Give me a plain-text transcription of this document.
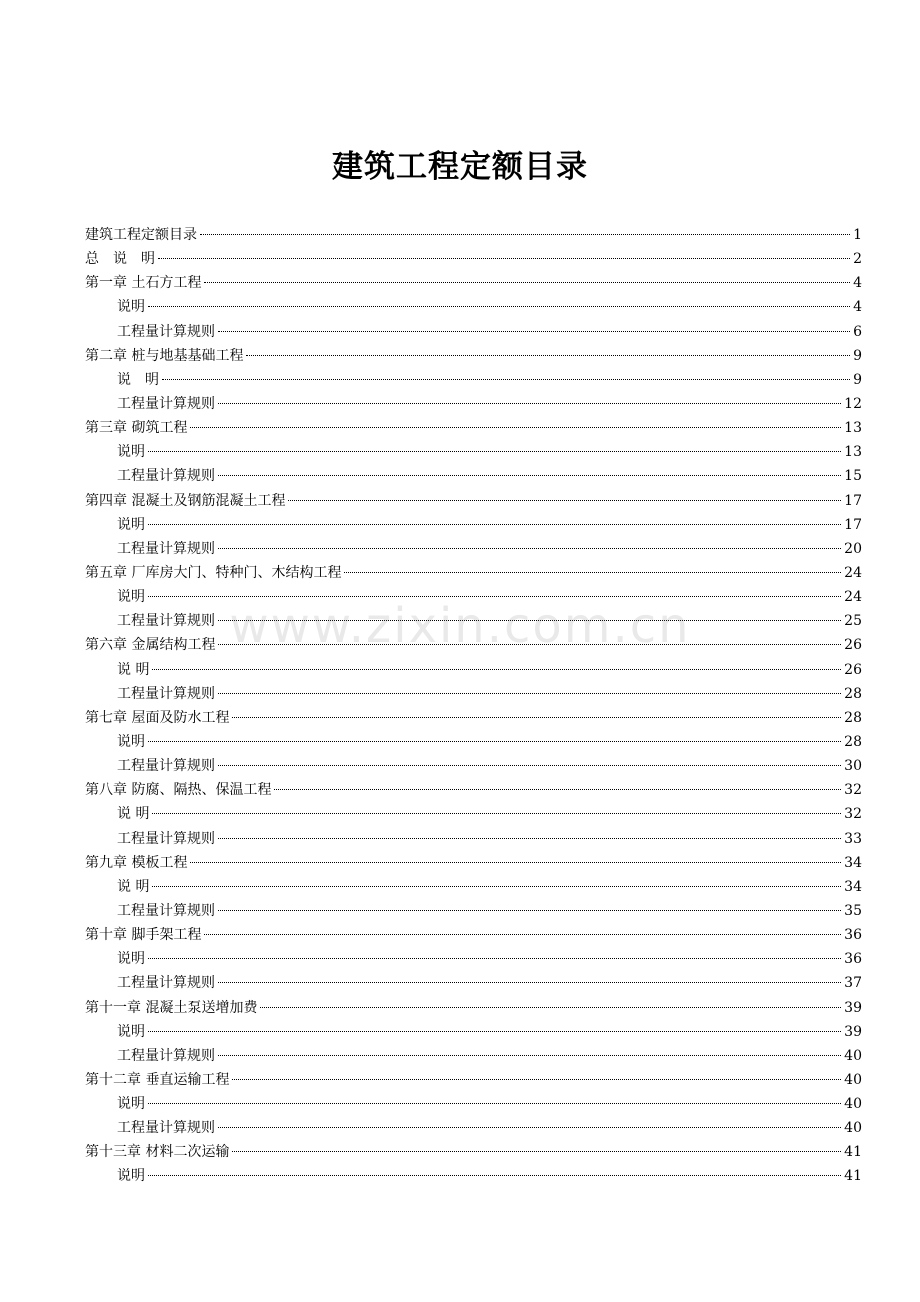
建筑工程定额目录
建筑工程定额目录	1
总　说　明	2
第一章 土石方工程	4
说明	4
工程量计算规则	6
第二章 桩与地基基础工程	9
说　明	9
工程量计算规则	12
第三章 砌筑工程	13
说明	13
工程量计算规则	15
第四章 混凝土及钢筋混凝土工程	17
说明	17
工程量计算规则	20
第五章 厂库房大门、特种门、木结构工程	24
说明	24
工程量计算规则	25
第六章 金属结构工程	26
说 明	26
工程量计算规则	28
第七章 屋面及防水工程	28
说明	28
工程量计算规则	30
第八章 防腐、隔热、保温工程	32
说 明	32
工程量计算规则	33
第九章 模板工程	34
说 明	34
工程量计算规则	35
第十章 脚手架工程	36
说明	36
工程量计算规则	37
第十一章 混凝土泵送增加费	39
说明	39
工程量计算规则	40
第十二章 垂直运输工程	40
说明	40
工程量计算规则	40
第十三章 材料二次运输	41
说明	41
www.zixin.com.cn
